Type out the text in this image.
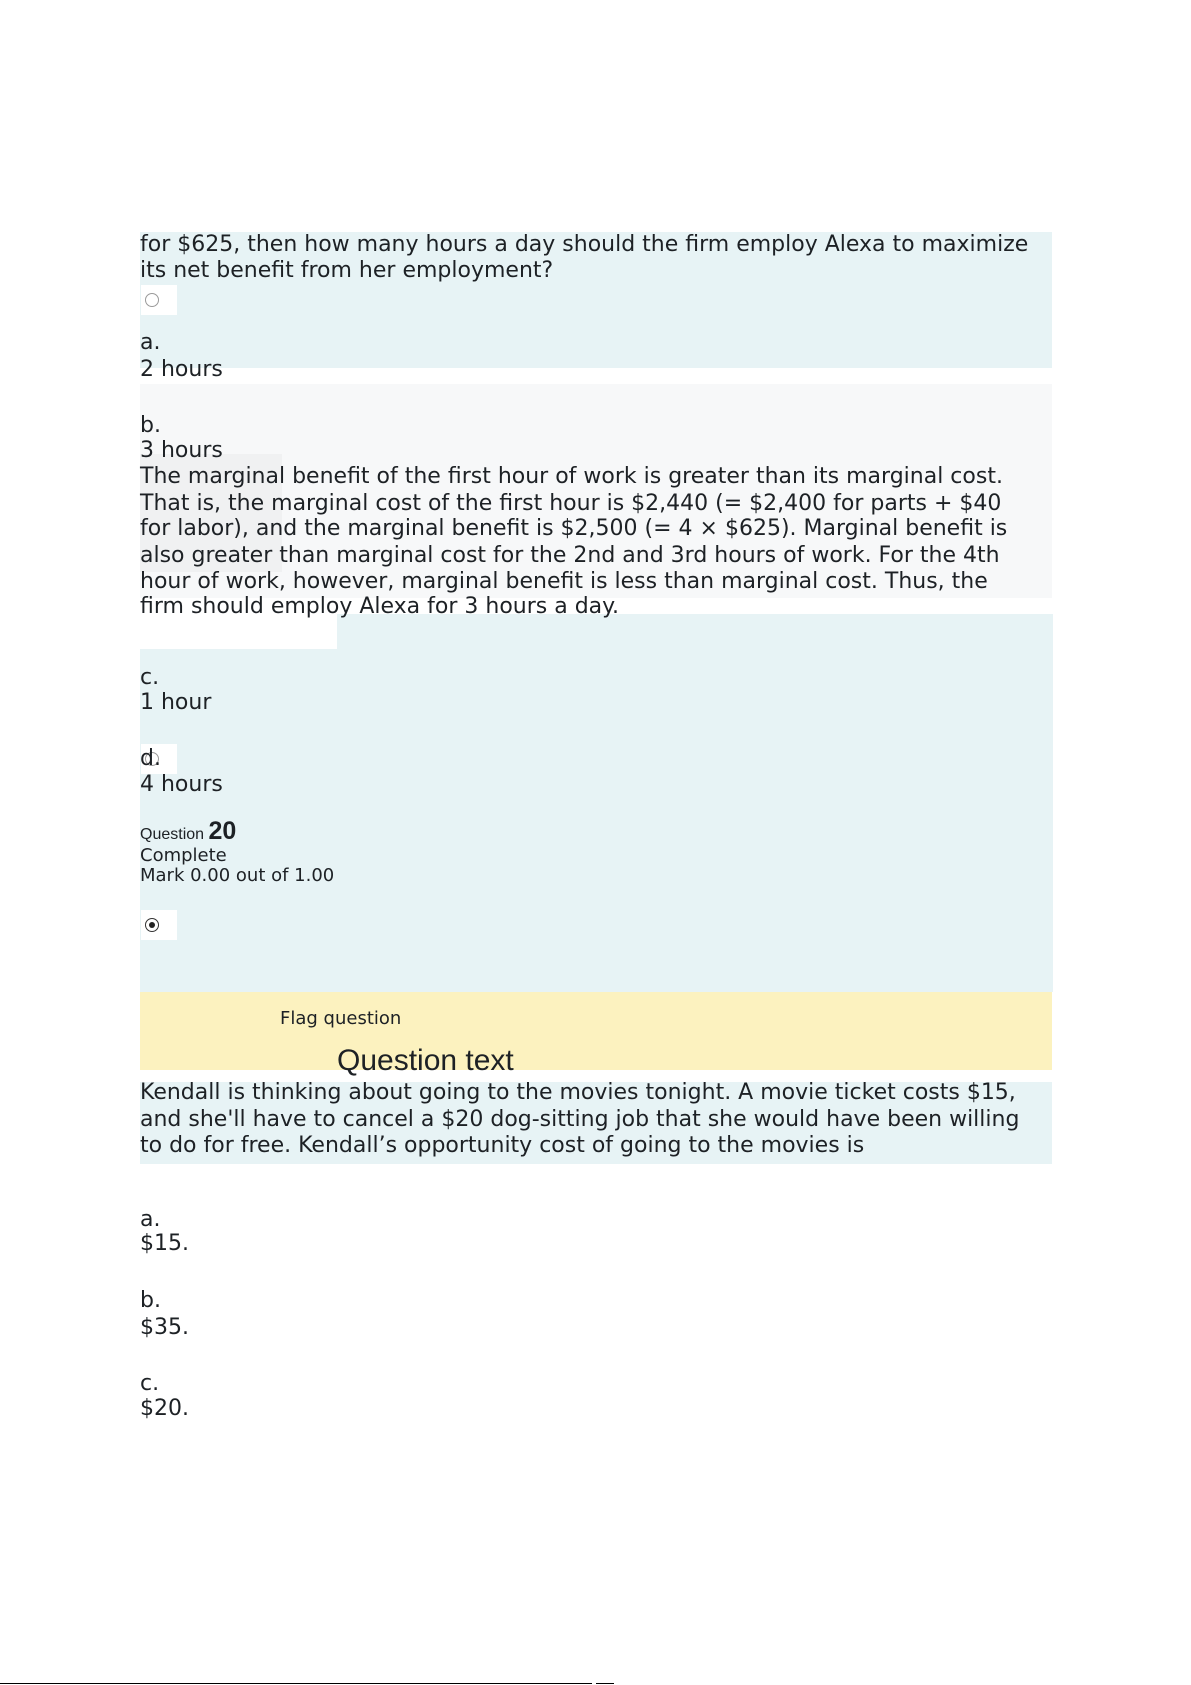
for $625, then how many hours a day should the firm employ Alexa to maximize
its net benefit from her employment?
a.
2 hours
b.
3 hours
The marginal benefit of the first hour of work is greater than its marginal cost.
That is, the marginal cost of the first hour is $2,440 (= $2,400 for parts + $40
for labor), and the marginal benefit is $2,500 (= 4 × $625). Marginal benefit is
also greater than marginal cost for the 2nd and 3rd hours of work. For the 4th
hour of work, however, marginal benefit is less than marginal cost. Thus, the
firm should employ Alexa for 3 hours a day.
c.
1 hour
d.
4 hours
Question 20
Complete
Mark 0.00 out of 1.00
Flag question
Question text
Kendall is thinking about going to the movies tonight. A movie ticket costs $15,
and she'll have to cancel a $20 dog-sitting job that she would have been willing
to do for free. Kendall’s opportunity cost of going to the movies is
a.
$15.
b.
$35.
c.
$20.
